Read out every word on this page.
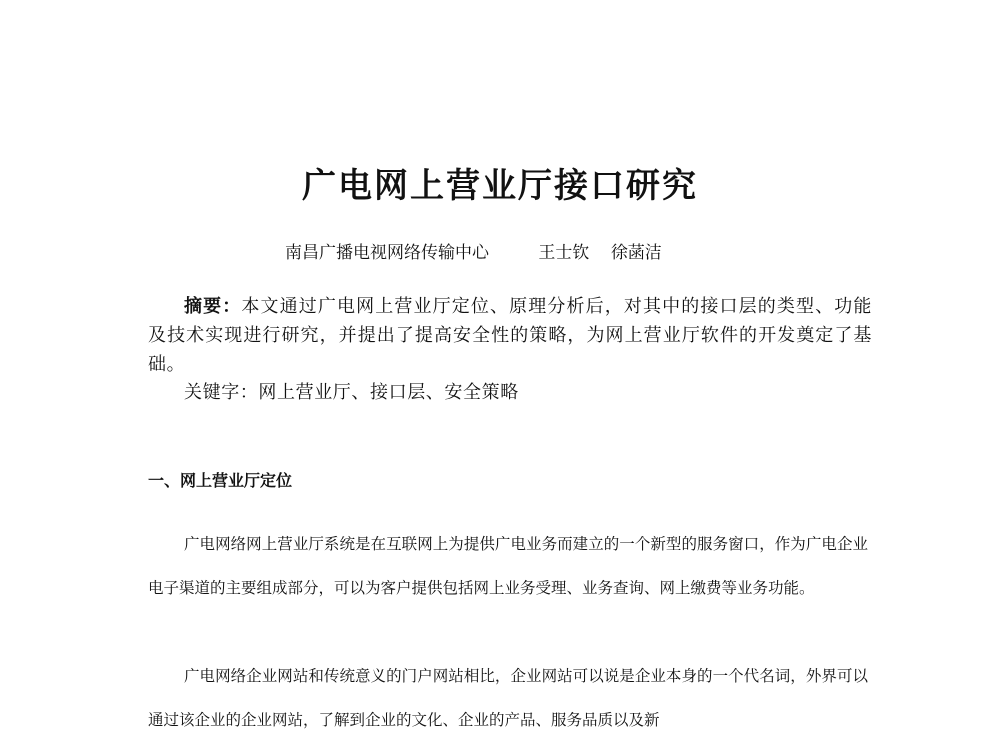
广电网上营业厅接口研究
南昌广播电视网络传输中心	王士钦 徐菡洁

摘要：本文通过广电网上营业厅定位、原理分析后，对其中的接口层的类型、功能及技术实现进行研究，并提出了提高安全性的策略，为网上营业厅软件的开发奠定了基础。

关键字：网上营业厅、接口层、安全策略

一、网上营业厅定位

广电网络网上营业厅系统是在互联网上为提供广电业务而建立的一个新型的服务窗口，作为广电企业电子渠道的主要组成部分，可以为客户提供包括网上业务受理、业务查询、网上缴费等业务功能。

广电网络企业网站和传统意义的门户网站相比，企业网站可以说是企业本身的一个代名词，外界可以通过该企业的企业网站，了解到企业的文化、企业的产品、服务品质以及新
